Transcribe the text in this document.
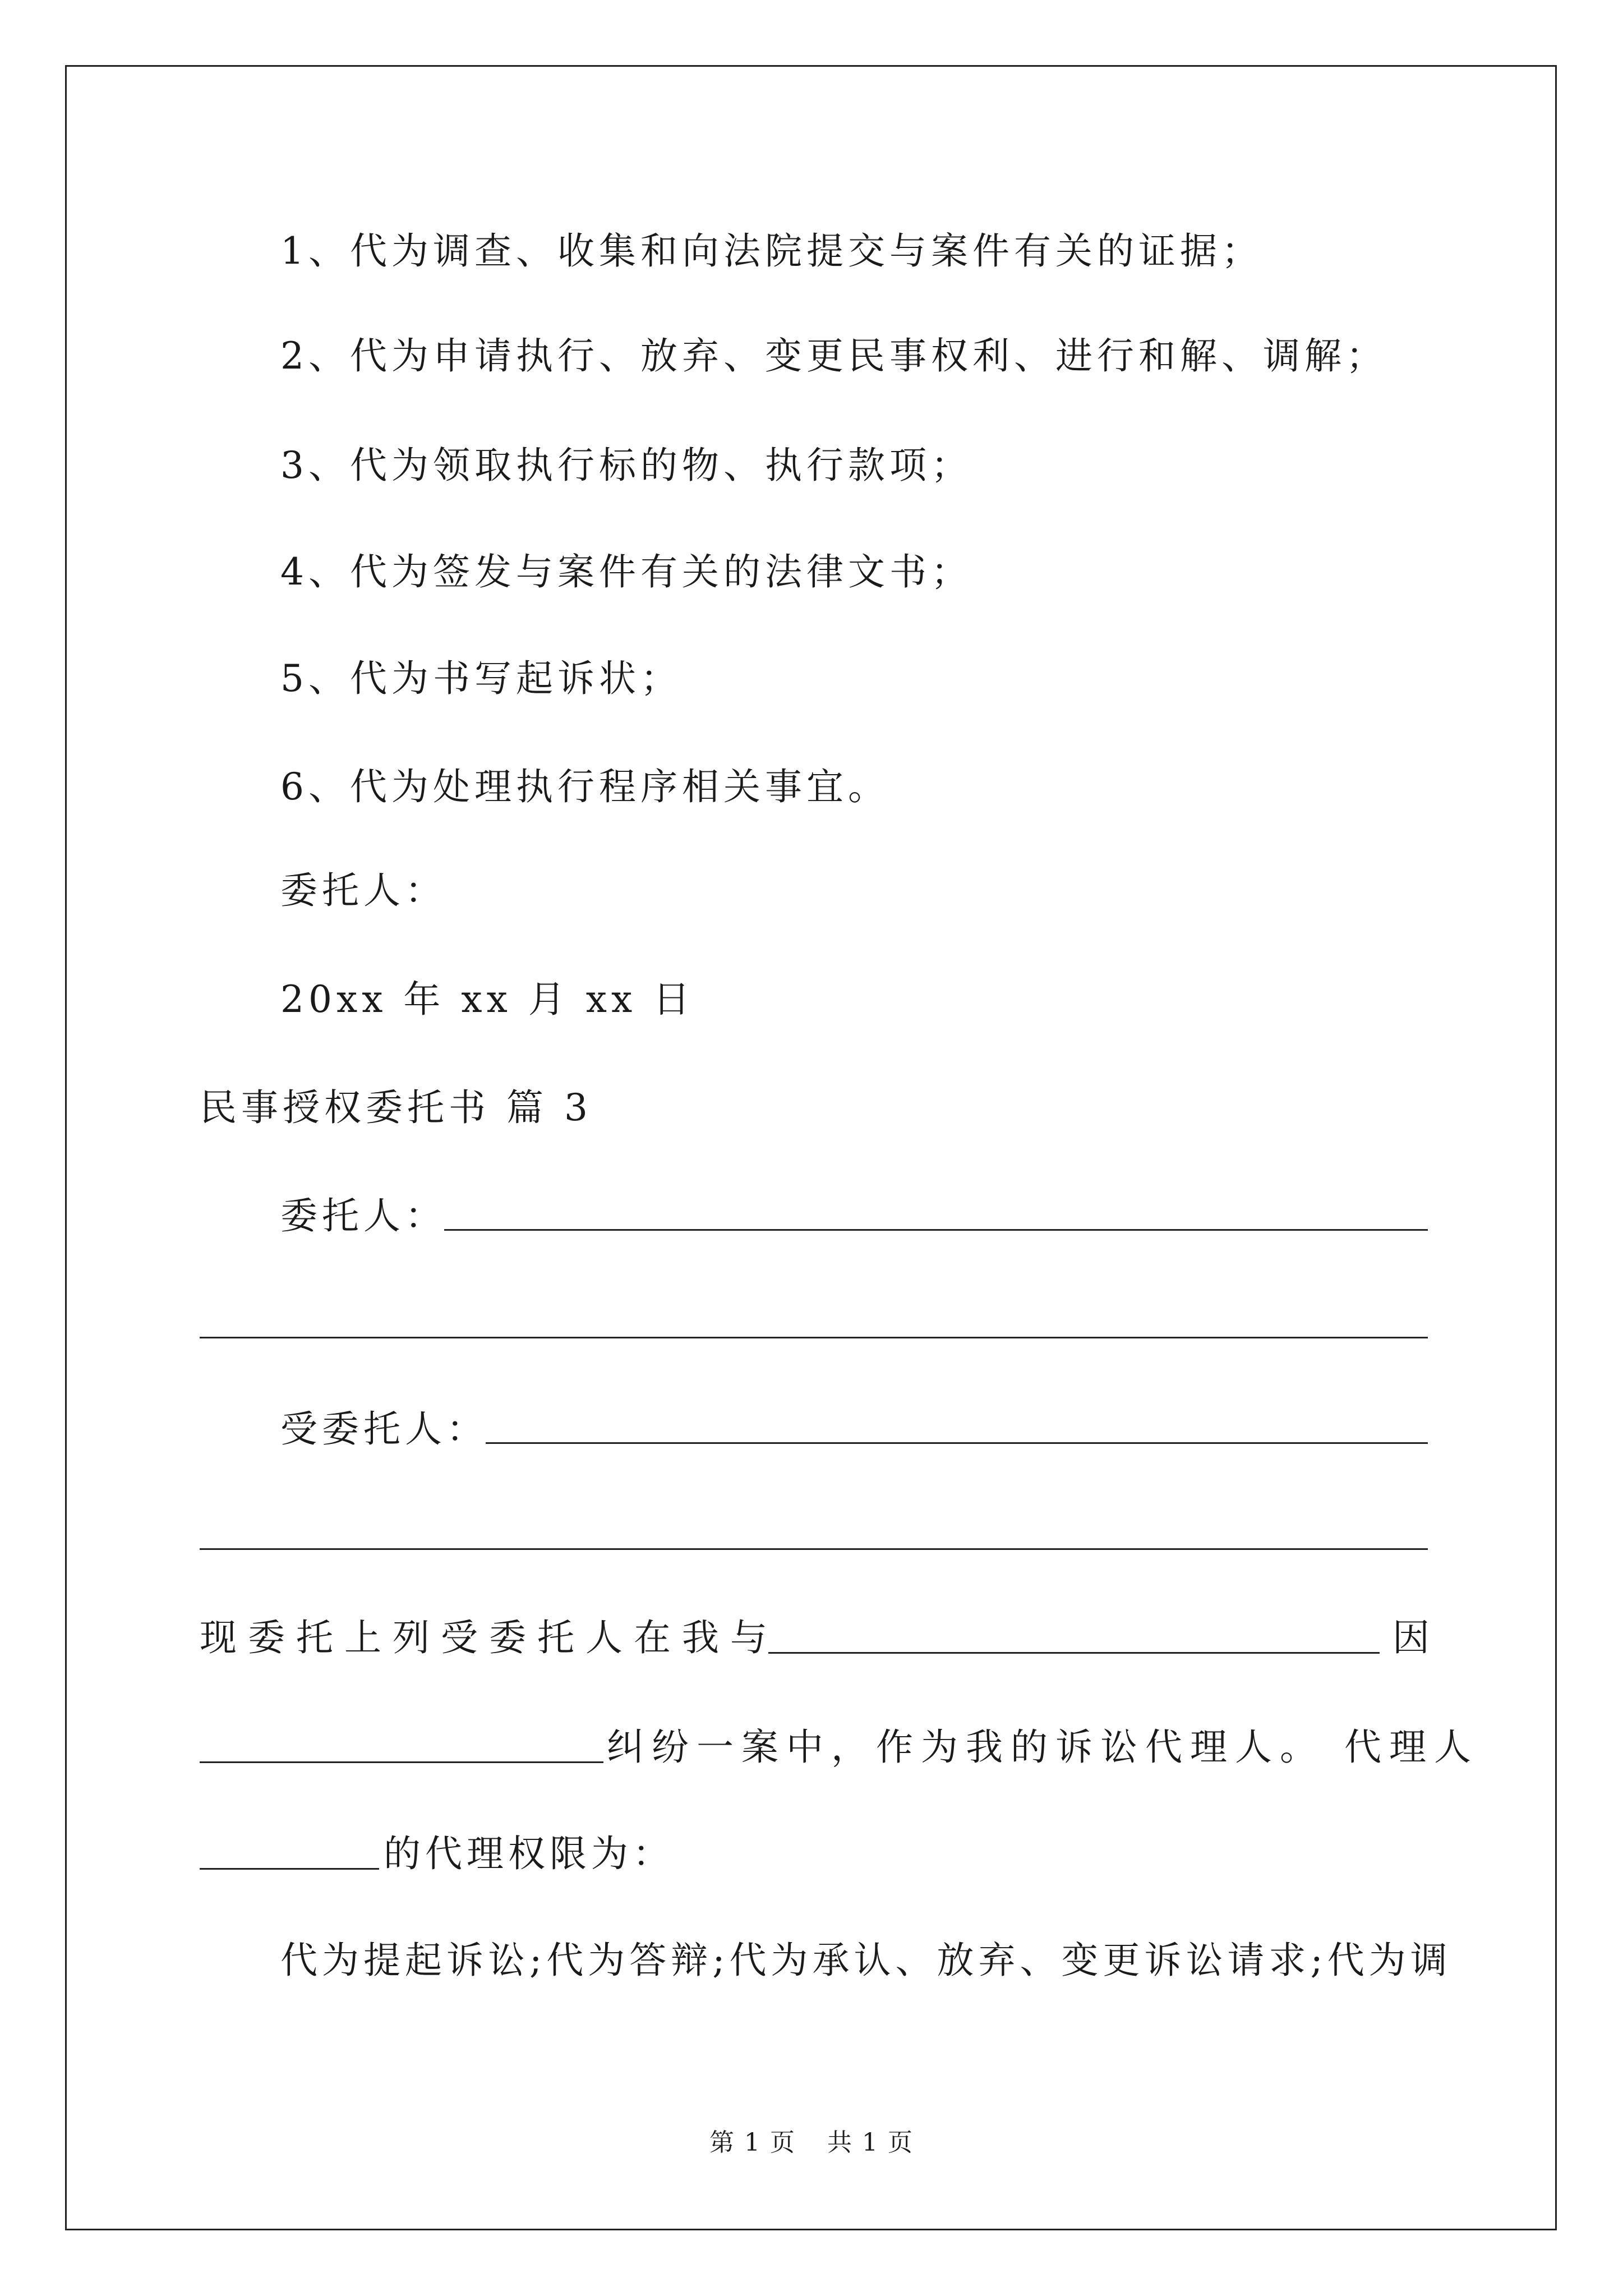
1、代为调查、收集和向法院提交与案件有关的证据；
2、代为申请执行、放弃、变更民事权利、进行和解、调解；
3、代为领取执行标的物、执行款项；
4、代为签发与案件有关的法律文书；
5、代为书写起诉状；
6、代为处理执行程序相关事宜。
委托人：
20xx 年 xx 月 xx 日
民事授权委托书 篇 3
委托人：
受委托人：
现委托上列受委托人在我与	因
纠纷一案中，作为我的诉讼代理人。 代理人
的代理权限为：
代为提起诉讼;代为答辩;代为承认、放弃、变更诉讼请求;代为调
第 1 页 共 1 页
